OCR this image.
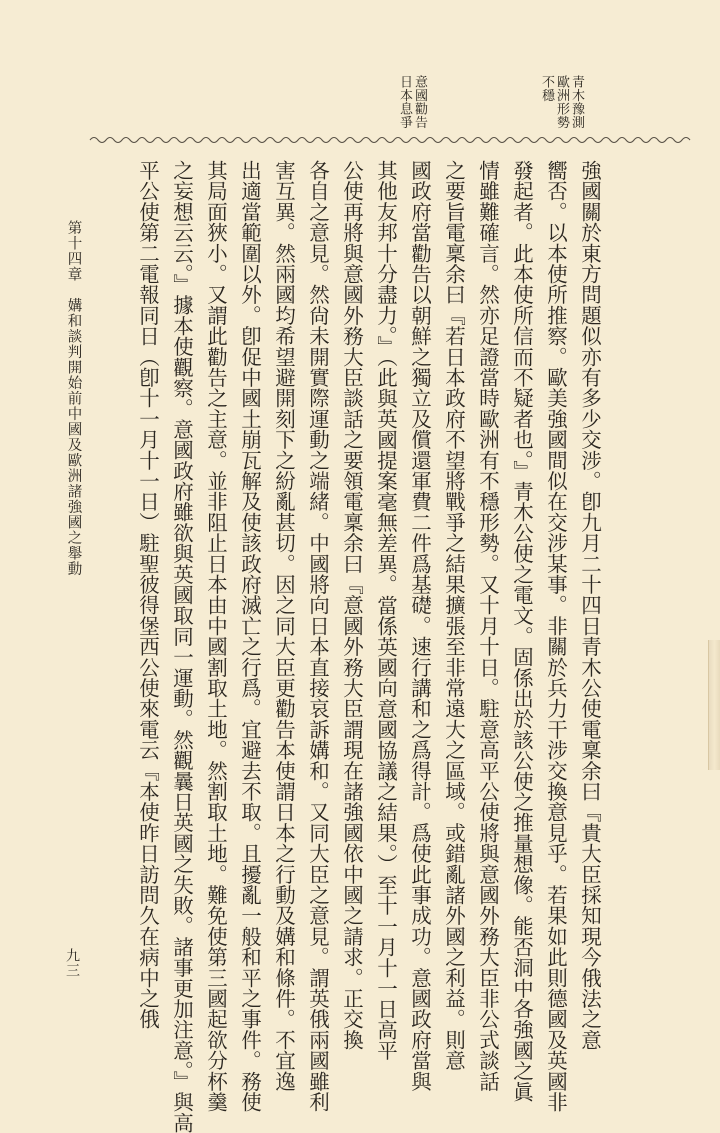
青木豫測
歐洲形勢
不穩
意國勸告
日本息爭
強國關於東方問題似亦有多少交涉。卽九月二十四日青木公使電稟余曰『貴大臣採知現今俄法之意
嚮否。以本使所推察。歐美強國間似在交涉某事。非關於兵力干涉交換意見乎。若果如此則德國及英國非
發起者。此本使所信而不疑者也。』青木公使之電文。固係出於該公使之推量想像。能否洞中各強國之眞
情雖難確言。然亦足證當時歐洲有不穩形勢。又十月十日。駐意高平公使將與意國外務大臣非公式談話
之要旨電稟余曰『若日本政府不望將戰爭之結果擴張至非常遠大之區域。或錯亂諸外國之利益。則意
國政府當勸告以朝鮮之獨立及償還軍費二件爲基礎。速行講和之爲得計。爲使此事成功。意國政府當與
其他友邦十分盡力。』（此與英國提案毫無差異。當係英國向意國協議之結果。）至十一月十一日高平
公使再將與意國外務大臣談話之要領電稟余曰『意國外務大臣謂現在諸強國依中國之請求。正交換
各自之意見。然尙未開實際運動之端緒。中國將向日本直接哀訴媾和。又同大臣之意見。謂英俄兩國雖利
害互異。然兩國均希望避開刻下之紛亂甚切。因之同大臣更勸告本使謂日本之行動及媾和條件。不宜逸
出適當範圍以外。卽促中國土崩瓦解及使該政府滅亡之行爲。宜避去不取。且擾亂一般和平之事件。務使
其局面狹小。又謂此勸告之主意。並非阻止日本由中國割取土地。然割取土地。難免使第三國起欲分杯羹
之妄想云云。』據本使觀察。意國政府雖欲與英國取同一運動。然觀曩日英國之失敗。諸事更加注意。』與高
平公使第二電報同日（卽十一月十一日）駐聖彼得堡西公使來電云『本使昨日訪問久在病中之俄
第十四章　媾和談判開始前中國及歐洲諸強國之舉動
九三
